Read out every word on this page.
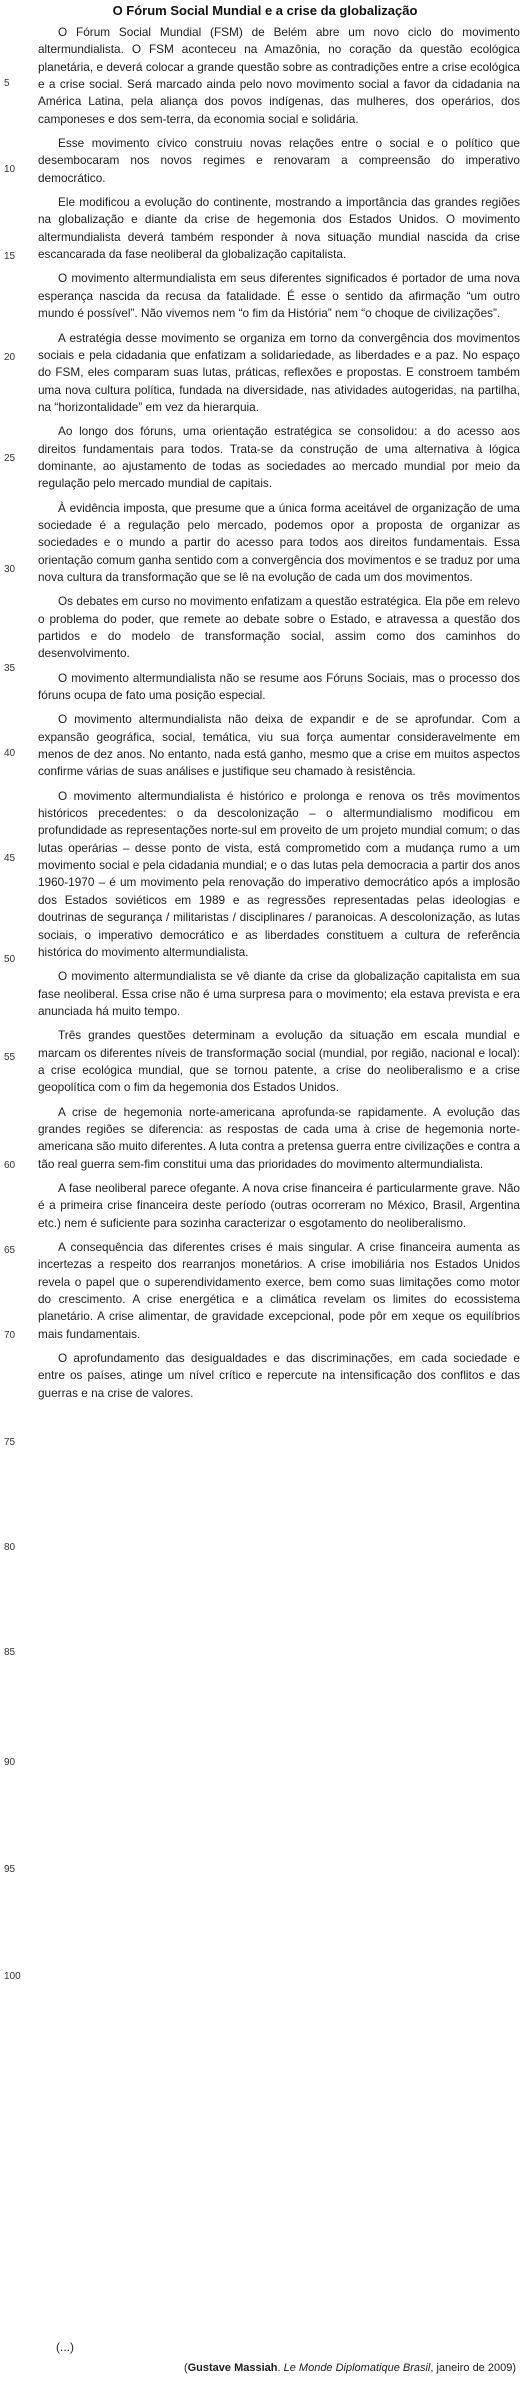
O Fórum Social Mundial e a crise da globalização
5
10
15
20
25
30
35
40
45
50
55
60
65
70
75
80
85
90
95
100

O Fórum Social Mundial (FSM) de Belém abre um novo ciclo do movimento altermundialista. O FSM aconteceu na Amazônia, no coração da questão ecológica planetária, e deverá colocar a grande questão sobre as contradições entre a crise ecológica e a crise social. Será marcado ainda pelo novo movimento social a favor da cidadania na América Latina, pela aliança dos povos indígenas, das mulheres, dos operários, dos camponeses e dos sem-terra, da economia social e solidária.

Esse movimento cívico construiu novas relações entre o social e o político que desembocaram nos novos regimes e renovaram a compreensão do imperativo democrático.

Ele modificou a evolução do continente, mostrando a importância das grandes regiões na globalização e diante da crise de hegemonia dos Estados Unidos. O movimento altermundialista deverá também responder à nova situação mundial nascida da crise escancarada da fase neoliberal da globalização capitalista.

O movimento altermundialista em seus diferentes significados é portador de uma nova esperança nascida da recusa da fatalidade. É esse o sentido da afirmação “um outro mundo é possível”. Não vivemos nem “o fim da História” nem “o choque de civilizações”.

A estratégia desse movimento se organiza em torno da convergência dos movimentos sociais e pela cidadania que enfatizam a solidariedade, as liberdades e a paz. No espaço do FSM, eles comparam suas lutas, práticas, reflexões e propostas. E constroem também uma nova cultura política, fundada na diversidade, nas atividades autogeridas, na partilha, na “horizontalidade” em vez da hierarquia.

Ao longo dos fóruns, uma orientação estratégica se consolidou: a do acesso aos direitos fundamentais para todos. Trata-se da construção de uma alternativa à lógica dominante, ao ajustamento de todas as sociedades ao mercado mundial por meio da regulação pelo mercado mundial de capitais.

À evidência imposta, que presume que a única forma aceitável de organização de uma sociedade é a regulação pelo mercado, podemos opor a proposta de organizar as sociedades e o mundo a partir do acesso para todos aos direitos fundamentais. Essa orientação comum ganha sentido com a convergência dos movimentos e se traduz por uma nova cultura da transformação que se lê na evolução de cada um dos movimentos.

Os debates em curso no movimento enfatizam a questão estratégica. Ela põe em relevo o problema do poder, que remete ao debate sobre o Estado, e atravessa a questão dos partidos e do modelo de transformação social, assim como dos caminhos do desenvolvimento.

O movimento altermundialista não se resume aos Fóruns Sociais, mas o processo dos fóruns ocupa de fato uma posição especial.

O movimento altermundialista não deixa de expandir e de se aprofundar. Com a expansão geográfica, social, temática, viu sua força aumentar consideravelmente em menos de dez anos. No entanto, nada está ganho, mesmo que a crise em muitos aspectos confirme várias de suas análises e justifique seu chamado à resistência.

O movimento altermundialista é histórico e prolonga e renova os três movimentos históricos precedentes: o da descolonização – o altermundialismo modificou em profundidade as representações norte-sul em proveito de um projeto mundial comum; o das lutas operárias – desse ponto de vista, está comprometido com a mudança rumo a um movimento social e pela cidadania mundial; e o das lutas pela democracia a partir dos anos 1960-1970 – é um movimento pela renovação do imperativo democrático após a implosão dos Estados soviéticos em 1989 e as regressões representadas pelas ideologias e doutrinas de segurança / militaristas / disciplinares / paranoicas. A descolonização, as lutas sociais, o imperativo democrático e as liberdades constituem a cultura de referência histórica do movimento altermundialista.

O movimento altermundialista se vê diante da crise da globalização capitalista em sua fase neoliberal. Essa crise não é uma surpresa para o movimento; ela estava prevista e era anunciada há muito tempo.

Três grandes questões determinam a evolução da situação em escala mundial e marcam os diferentes níveis de transformação social (mundial, por região, nacional e local): a crise ecológica mundial, que se tornou patente, a crise do neoliberalismo e a crise geopolítica com o fim da hegemonia dos Estados Unidos.

A crise de hegemonia norte-americana aprofunda-se rapidamente. A evolução das grandes regiões se diferencia: as respostas de cada uma à crise de hegemonia norte-americana são muito diferentes. A luta contra a pretensa guerra entre civilizações e contra a tão real guerra sem-fim constitui uma das prioridades do movimento altermundialista.

A fase neoliberal parece ofegante. A nova crise financeira é particularmente grave. Não é a primeira crise financeira deste período (outras ocorreram no México, Brasil, Argentina etc.) nem é suficiente para sozinha caracterizar o esgotamento do neoliberalismo.

A consequência das diferentes crises é mais singular. A crise financeira aumenta as incertezas a respeito dos rearranjos monetários. A crise imobiliária nos Estados Unidos revela o papel que o superendividamento exerce, bem como suas limitações como motor do crescimento. A crise energética e a climática revelam os limites do ecossistema planetário. A crise alimentar, de gravidade excepcional, pode pôr em xeque os equilíbrios mais fundamentais.

O aprofundamento das desigualdades e das discriminações, em cada sociedade e entre os países, atinge um nível crítico e repercute na intensificação dos conflitos e das guerras e na crise de valores.

(...)
(Gustave Massiah. Le Monde Diplomatique Brasil, janeiro de 2009)
